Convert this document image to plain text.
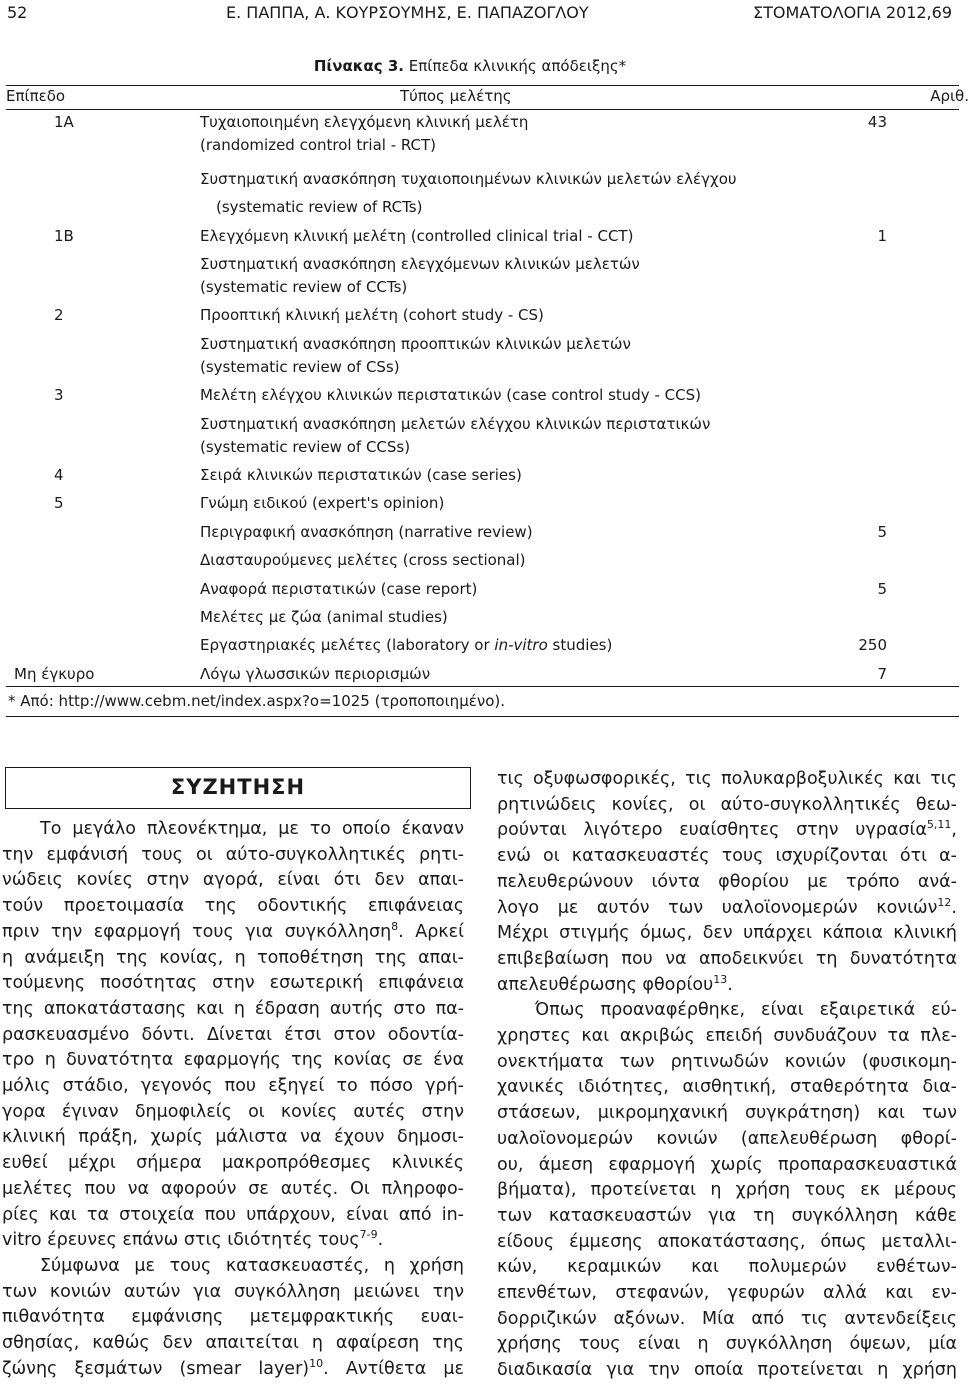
52	Ε. ΠΑΠΠΑ, Α. ΚΟΥΡΣΟΥΜΗΣ, Ε. ΠΑΠΑΖΟΓΛΟΥ	ΣΤΟΜΑΤΟΛΟΓΙΑ 2012,69
Πίνακας 3. Επίπεδα κλινικής απόδειξης*
Επίπεδο	Τύπος μελέτης	Αριθ.
1Α	Τυχαιοποιημένη ελεγχόμενη κλινική μελέτη	43
(randomized control trial - RCT)
Συστηματική ανασκόπηση τυχαιοποιημένων κλινικών μελετών ελέγχου
(systematic review of RCTs)
1Β	Ελεγχόμενη κλινική μελέτη (controlled clinical trial - CCT)	1
Συστηματική ανασκόπηση ελεγχόμενων κλινικών μελετών
(systematic review of CCTs)
2	Προοπτική κλινική μελέτη (cohort study - CS)
Συστηματική ανασκόπηση προοπτικών κλινικών μελετών
(systematic review of CSs)
3	Μελέτη ελέγχου κλινικών περιστατικών (case control study - CCS)
Συστηματική ανασκόπηση μελετών ελέγχου κλινικών περιστατικών
(systematic review of CCSs)
4	Σειρά κλινικών περιστατικών (case series)
5	Γνώμη ειδικού (expert's opinion)
Περιγραφική ανασκόπηση (narrative review)	5
Διασταυρούμενες μελέτες (cross sectional)
Αναφορά περιστατικών (case report)	5
Μελέτες με ζώα (animal studies)
Εργαστηριακές μελέτες (laboratory or in-vitro studies)	250
Μη έγκυρο	Λόγω γλωσσικών περιορισμών	7
* Από: http://www.cebm.net/index.aspx?o=1025 (τροποποιημένο).
ΣΥΖΗΤΗΣΗ
Το μεγάλο πλεονέκτημα, με το οποίο έκαναν
την εμφάνισή τους οι αύτο-συγκολλητικές ρητι-
νώδεις κονίες στην αγορά, είναι ότι δεν απαι-
τούν προετοιμασία της οδοντικής επιφάνειας
πριν την εφαρμογή τους για συγκόλληση$^8$. Αρκεί
η ανάμειξη της κονίας, η τοποθέτηση της απαι-
τούμενης ποσότητας στην εσωτερική επιφάνεια
της αποκατάστασης και η έδραση αυτής στο πα-
ρασκευασμένο δόντι. Δίνεται έτσι στον οδοντία-
τρο η δυνατότητα εφαρμογής της κονίας σε ένα
μόλις στάδιο, γεγονός που εξηγεί το πόσο γρή-
γορα έγιναν δημοφιλείς οι κονίες αυτές στην
κλινική πράξη, χωρίς μάλιστα να έχουν δημοσι-
ευθεί μέχρι σήμερα μακροπρόθεσμες κλινικές
μελέτες που να αφορούν σε αυτές. Οι πληροφο-
ρίες και τα στοιχεία που υπάρχουν, είναι από in-
vitro έρευνες επάνω στις ιδιότητές τους$^{7-9}$.
Σύμφωνα με τους κατασκευαστές, η χρήση
των κονιών αυτών για συγκόλληση μειώνει την
πιθανότητα εμφάνισης μετεμφρακτικής ευαι-
σθησίας, καθώς δεν απαιτείται η αφαίρεση της
ζώνης ξεσμάτων (smear layer)$^{10}$. Αντίθετα με
τις οξυφωσφορικές, τις πολυκαρβοξυλικές και τις
ρητινώδεις κονίες, οι αύτο-συγκολλητικές θεω-
ρούνται λιγότερο ευαίσθητες στην υγρασία$^{5,11}$,
ενώ οι κατασκευαστές τους ισχυρίζονται ότι α-
πελευθερώνουν ιόντα φθορίου με τρόπο ανά-
λογο με αυτόν των υαλοϊονομερών κονιών$^{12}$.
Μέχρι στιγμής όμως, δεν υπάρχει κάποια κλινική
επιβεβαίωση που να αποδεικνύει τη δυνατότητα
απελευθέρωσης φθορίου$^{13}$.
Όπως προαναφέρθηκε, είναι εξαιρετικά εύ-
χρηστες και ακριβώς επειδή συνδυάζουν τα πλε-
ονεκτήματα των ρητινωδών κονιών (φυσικομη-
χανικές ιδιότητες, αισθητική, σταθερότητα δια-
στάσεων, μικρομηχανική συγκράτηση) και των
υαλοϊονομερών κονιών (απελευθέρωση φθορί-
ου, άμεση εφαρμογή χωρίς προπαρασκευαστικά
βήματα), προτείνεται η χρήση τους εκ μέρους
των κατασκευαστών για τη συγκόλληση κάθε
είδους έμμεσης αποκατάστασης, όπως μεταλλι-
κών, κεραμικών και πολυμερών ενθέτων-
επενθέτων, στεφανών, γεφυρών αλλά και εν-
δορριζικών αξόνων. Μία από τις αντενδείξεις
χρήσης τους είναι η συγκόλληση όψεων, μία
διαδικασία για την οποία προτείνεται η χρήση
